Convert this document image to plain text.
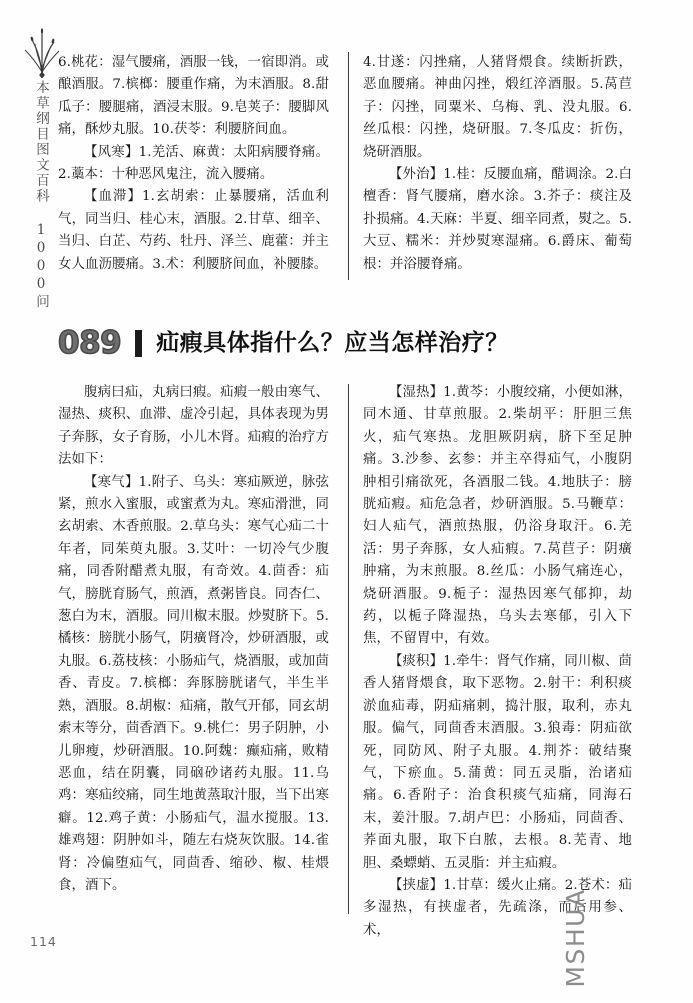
本草纲目图文百科 1000问

6.桃花：湿气腰痛，酒服一钱，一宿即消。或酿酒服。7.槟榔：腰重作痛，为末酒服。8.甜瓜子：腰腿痛，酒浸末服。9.皂荚子：腰脚风痛，酥炒丸服。10.茯苓：利腰脐间血。

【风寒】1.羌活、麻黄：太阳病腰脊痛。2.藁本：十种恶风鬼注，流入腰痛。

【血滞】1.玄胡索：止暴腰痛，活血利气，同当归、桂心末，酒服。2.甘草、细辛、当归、白芷、芍药、牡丹、泽兰、鹿藿：并主女人血沥腰痛。3.术：利腰脐间血，补腰膝。

4.甘遂：闪挫痛，人猪肾煨食。续断折跌，恶血腰痛。神曲闪挫，煅红淬酒服。5.莴苣子：闪挫，同粟米、乌梅、乳、没丸服。6.丝瓜根：闪挫，烧研服。7.冬瓜皮：折伤，烧研酒服。

【外治】1.桂：反腰血痛，醋调涂。2.白檀香：肾气腰痛，磨水涂。3.芥子：痰注及扑损痛。4.天麻：半夏、细辛同煮，熨之。5.大豆、糯米：并炒熨寒湿痛。6.爵床、葡萄根：并浴腰脊痛。

089 疝瘕具体指什么？应当怎样治疗？

腹病曰疝，丸病曰瘕。疝瘕一般由寒气、湿热、痰积、血滞、虚冷引起，具体表现为男子奔豚，女子育肠，小儿木肾。疝瘕的治疗方法如下：

【寒气】1.附子、乌头：寒疝厥逆，脉弦紧，煎水入蜜服，或蜜煮为丸。寒疝滑泄，同玄胡索、木香煎服。2.草乌头：寒气心疝二十年者，同茱萸丸服。3.艾叶：一切冷气少腹痛，同香附醋煮丸服，有奇效。4.茴香：疝气，膀胱育肠气，煎酒，煮粥皆良。同杏仁、葱白为末，酒服。同川椒末服。炒熨脐下。5.橘核：膀胱小肠气，阴癀肾冷，炒研酒服，或丸服。6.荔枝核：小肠疝气，烧酒服，或加茴香、青皮。7.槟榔：奔豚膀胱诸气，半生半熟，酒服。8.胡椒：疝痛，散气开郁，同玄胡索末等分，茴香酒下。9.桃仁：男子阴肿，小儿卵瘦，炒研酒服。10.阿魏：癫疝痛，败精恶血，结在阴囊，同硇砂诸药丸服。11.乌鸡：寒疝绞痛，同生地黄蒸取汁服，当下出寒癖。12.鸡子黄：小肠疝气，温水搅服。13.雄鸡翅：阴肿如斗，随左右烧灰饮服。14.雀肾：冷偏堕疝气，同茴香、缩砂、椒、桂煨食，酒下。

【湿热】1.黄芩：小腹绞痛，小便如淋，同木通、甘草煎服。2.柴胡平：肝胆三焦火，疝气寒热。龙胆厥阴病，脐下至足肿痛。3.沙参、玄参：并主卒得疝气，小腹阴肿相引痛欲死，各酒服二钱。4.地肤子：膀胱疝瘕。疝危急者，炒研酒服。5.马鞭草：妇人疝气，酒煎热服，仍浴身取汗。6.羌活：男子奔豚，女人疝瘕。7.莴苣子：阴癀肿痛，为末煎服。8.丝瓜：小肠气痛连心，烧研酒服。9.栀子：湿热因寒气郁抑，劫药，以栀子降湿热，乌头去寒郁，引入下焦，不留胃中，有效。

【痰积】1.牵牛：肾气作痛，同川椒、茴香人猪肾煨食，取下恶物。2.射干：利积痰淤血疝毒，阴疝痛刺，捣汁服，取利，赤丸服。偏气，同茴香末酒服。3.狼毒：阴疝欲死，同防风、附子丸服。4.荆芥：破结聚气，下瘀血。5.蒲黄：同五灵脂，治诸疝痛。6.香附子：治食积痰气疝痛，同海石末，姜汁服。7.胡卢巴：小肠疝，同茴香、荞面丸服，取下白脓，去根。8.芜青、地胆、桑螵蛸、五灵脂：并主疝瘕。

【挟虚】1.甘草：缓火止痛。2.苍术：疝多湿热，有挟虚者，先疏涤，而后用参、术，

114	MSHUA
